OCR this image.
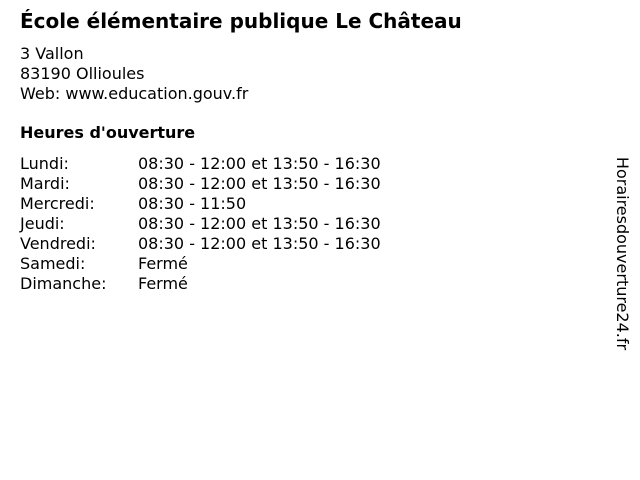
École élémentaire publique Le Château
3 Vallon
83190 Ollioules
Web: www.education.gouv.fr
Heures d'ouverture
Lundi:	08:30 - 12:00 et 13:50 - 16:30
Mardi:	08:30 - 12:00 et 13:50 - 16:30
Mercredi:	08:30 - 11:50
Jeudi:	08:30 - 12:00 et 13:50 - 16:30
Vendredi:	08:30 - 12:00 et 13:50 - 16:30
Samedi:	Fermé
Dimanche:	Fermé	Horairesdouverture24.fr
